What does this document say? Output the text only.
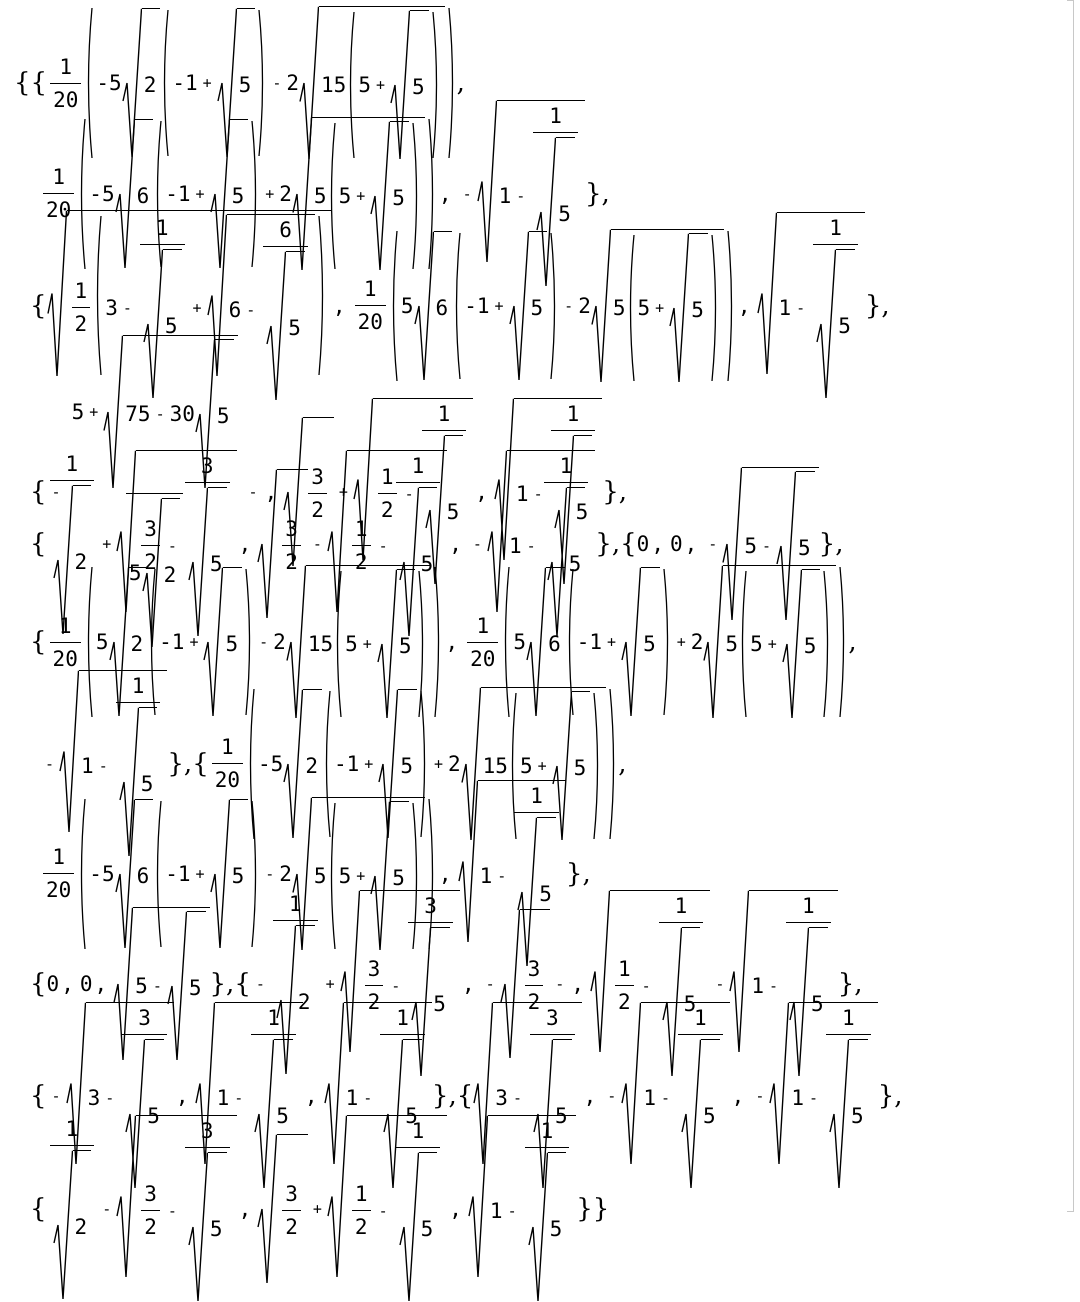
{{ $\frac{1}{20} -5$ 2 -1 + 5 - 2 15 5 + 5 ,
$\frac{1}{20} -5$ 6 -1 + 5 + 2 5 5 + 5 , - $1 - \frac{1}{5}$ },
{ $\frac{1}{2} 3 - \frac{1}{5} + 6 - \frac{6}{5}$ , $\frac{1}{20} 5$ 6 -1 + 5 - 2 5 5 + 5 , $1 - \frac{1}{5}$ },
{ - $\frac{5 + 75 - 30 5}{5 2}$ - , $\frac{3}{2} + \frac{1}{2} - \frac{1}{5}$ , $1 - \frac{1}{5}$ },
{ $\frac{1}{2} + \frac{3}{2} - \frac{3}{5}$ , $\frac{3}{2} - \frac{1}{2} - \frac{1}{5}$ , - $1 - \frac{1}{5}$ }, { 0 , 0 , - 5 - 5 },
{ $\frac{1}{20} 5$ 2 -1 + 5 - 2 15 5 + 5 , $\frac{1}{20} 5$ 6 -1 + 5 + 2 5 5 + 5 ,
- $1 - \frac{1}{5}$ }, { $\frac{1}{20} -5$ 2 -1 + 5 + 2 15 5 + 5 ,
$\frac{1}{20} -5$ 6 -1 + 5 - 2 5 5 + 5 , $1 - \frac{1}{5}$ },
{ 0 , 0 , 5 - 5 }, { - $\frac{1}{2} + \frac{3}{2} - \frac{3}{5}$ , - $\frac{3}{2}$ - , $\frac{1}{2} - \frac{1}{5} - 1 - \frac{1}{5}$ },
{ - $3 - \frac{3}{5}$ , $1 - \frac{1}{5}$ , $1 - \frac{1}{5}$ }, { $3 - \frac{3}{5}$ , - $1 - \frac{1}{5}$ , - $1 - \frac{1}{5}$ },
{ $\frac{1}{2} - \frac{3}{2} - \frac{3}{5}$ , $\frac{3}{2} + \frac{1}{2} - \frac{1}{5}$ , $1 - \frac{1}{5}$ }}
